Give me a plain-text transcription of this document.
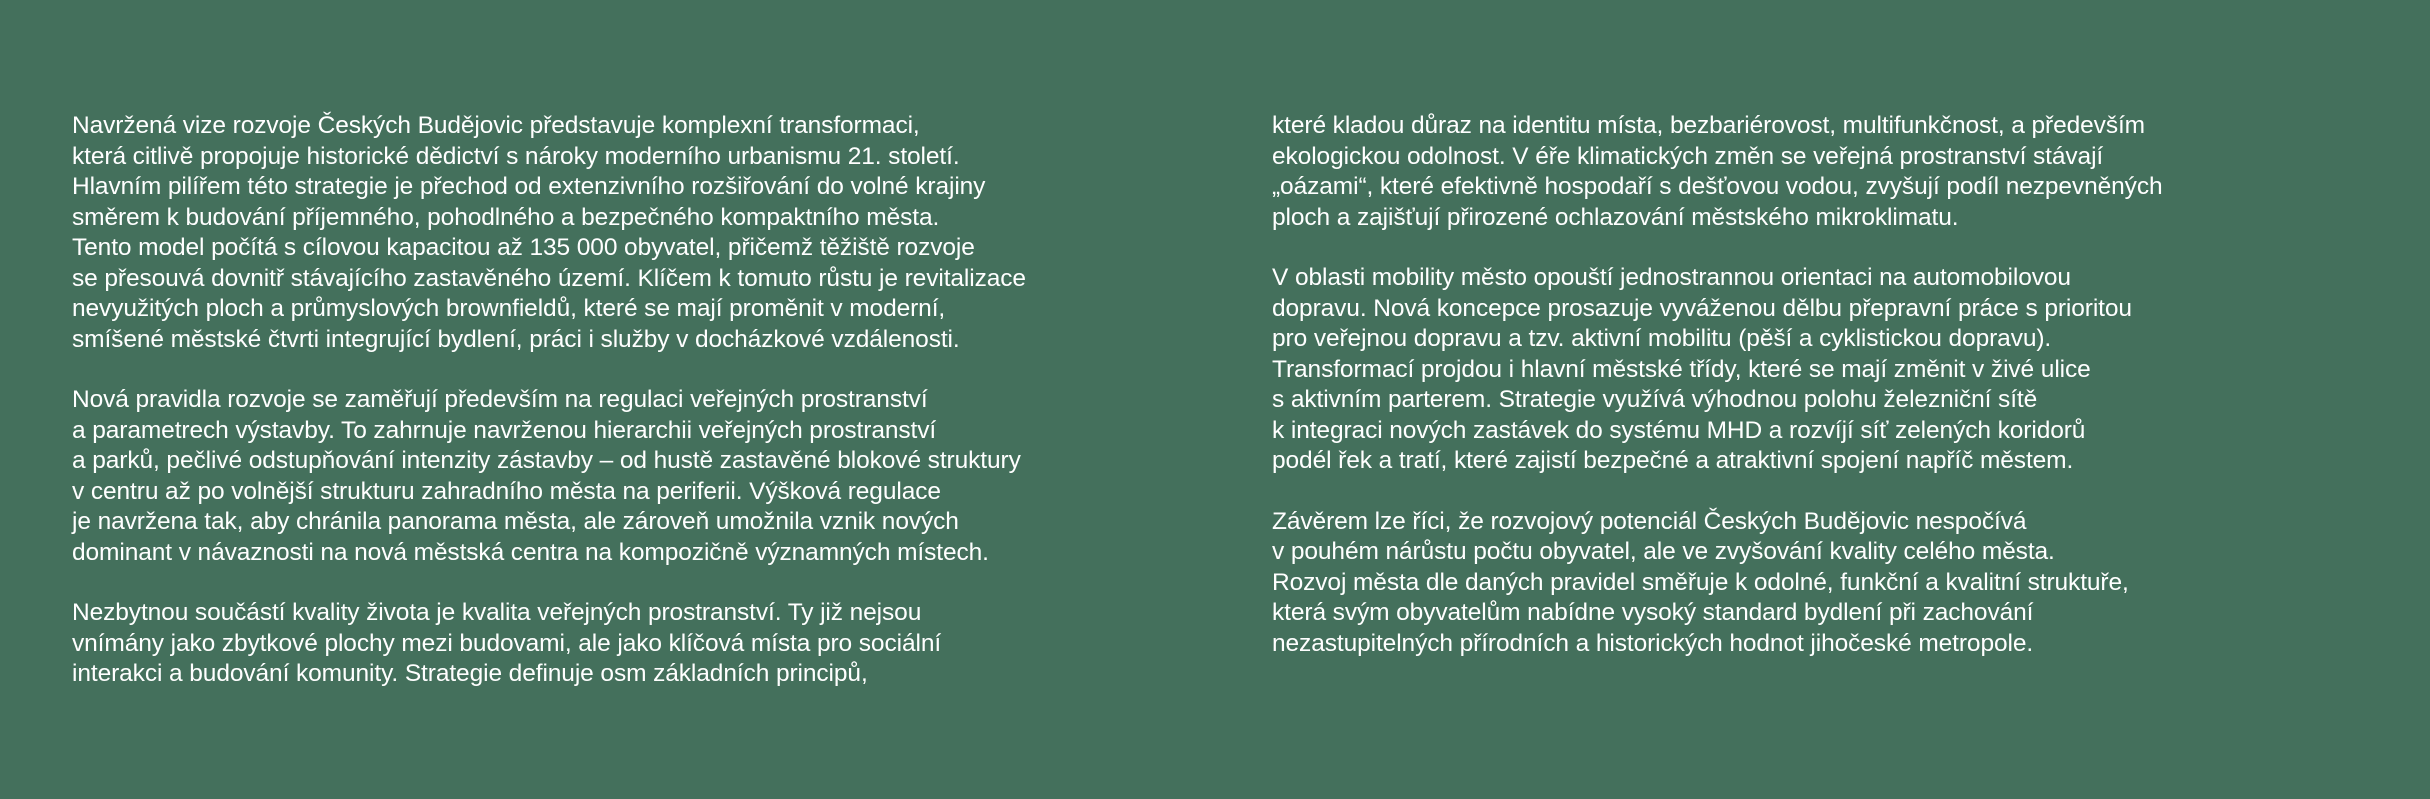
Navržená vize rozvoje Českých Budějovic představuje komplexní transformaci,
která citlivě propojuje historické dědictví s nároky moderního urbanismu 21. století.
Hlavním pilířem této strategie je přechod od extenzivního rozšiřování do volné krajiny
směrem k budování příjemného, pohodlného a bezpečného kompaktního města.
Tento model počítá s cílovou kapacitou až 135 000 obyvatel, přičemž těžiště rozvoje
se přesouvá dovnitř stávajícího zastavěného území. Klíčem k tomuto růstu je revitalizace
nevyužitých ploch a průmyslových brownfieldů, které se mají proměnit v moderní,
smíšené městské čtvrti integrující bydlení, práci i služby v docházkové vzdálenosti.

Nová pravidla rozvoje se zaměřují především na regulaci veřejných prostranství
a parametrech výstavby. To zahrnuje navrženou hierarchii veřejných prostranství
a parků, pečlivé odstupňování intenzity zástavby – od hustě zastavěné blokové struktury
v centru až po volnější strukturu zahradního města na periferii. Výšková regulace
je navržena tak, aby chránila panorama města, ale zároveň umožnila vznik nových
dominant v návaznosti na nová městská centra na kompozičně významných místech.

Nezbytnou součástí kvality života je kvalita veřejných prostranství. Ty již nejsou
vnímány jako zbytkové plochy mezi budovami, ale jako klíčová místa pro sociální
interakci a budování komunity. Strategie definuje osm základních principů,

které kladou důraz na identitu místa, bezbariérovost, multifunkčnost, a především
ekologickou odolnost. V éře klimatických změn se veřejná prostranství stávají
„oázami“, které efektivně hospodaří s dešťovou vodou, zvyšují podíl nezpevněných
ploch a zajišťují přirozené ochlazování městského mikroklimatu.

V oblasti mobility město opouští jednostrannou orientaci na automobilovou
dopravu. Nová koncepce prosazuje vyváženou dělbu přepravní práce s prioritou
pro veřejnou dopravu a tzv. aktivní mobilitu (pěší a cyklistickou dopravu).
Transformací projdou i hlavní městské třídy, které se mají změnit v živé ulice
s aktivním parterem. Strategie využívá výhodnou polohu železniční sítě
k integraci nových zastávek do systému MHD a rozvíjí síť zelených koridorů
podél řek a tratí, které zajistí bezpečné a atraktivní spojení napříč městem.

Závěrem lze říci, že rozvojový potenciál Českých Budějovic nespočívá
v pouhém nárůstu počtu obyvatel, ale ve zvyšování kvality celého města.
Rozvoj města dle daných pravidel směřuje k odolné, funkční a kvalitní struktuře,
která svým obyvatelům nabídne vysoký standard bydlení při zachování
nezastupitelných přírodních a historických hodnot jihočeské metropole.
